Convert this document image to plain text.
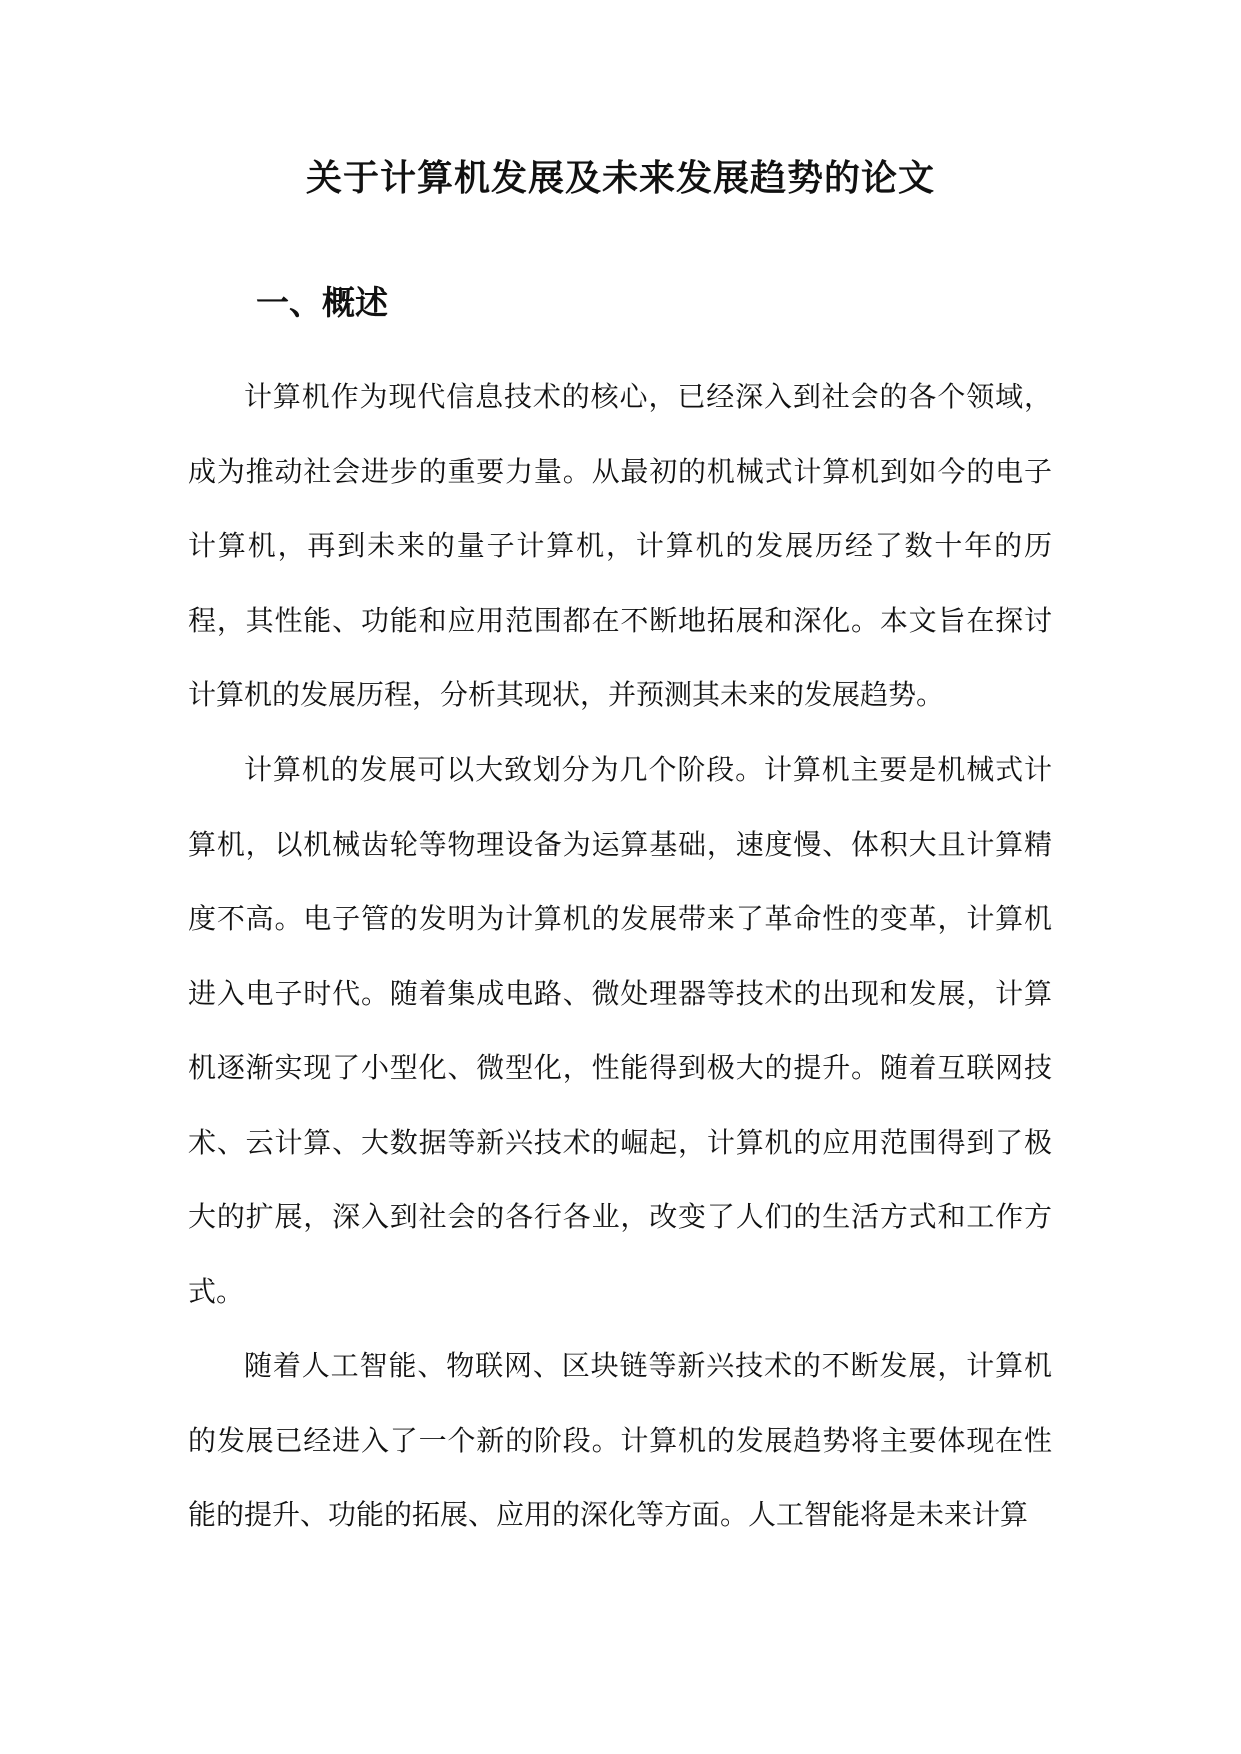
关于计算机发展及未来发展趋势的论文
一、概述

计算机作为现代信息技术的核心，已经深入到社会的各个领域，成为推动社会进步的重要力量。从最初的机械式计算机到如今的电子计算机，再到未来的量子计算机，计算机的发展历经了数十年的历程，其性能、功能和应用范围都在不断地拓展和深化。本文旨在探讨计算机的发展历程，分析其现状，并预测其未来的发展趋势。

计算机的发展可以大致划分为几个阶段。计算机主要是机械式计算机，以机械齿轮等物理设备为运算基础，速度慢、体积大且计算精度不高。电子管的发明为计算机的发展带来了革命性的变革，计算机进入电子时代。随着集成电路、微处理器等技术的出现和发展，计算机逐渐实现了小型化、微型化，性能得到极大的提升。随着互联网技术、云计算、大数据等新兴技术的崛起，计算机的应用范围得到了极大的扩展，深入到社会的各行各业，改变了人们的生活方式和工作方式。

随着人工智能、物联网、区块链等新兴技术的不断发展，计算机的发展已经进入了一个新的阶段。计算机的发展趋势将主要体现在性能的提升、功能的拓展、应用的深化等方面。人工智能将是未来计算
